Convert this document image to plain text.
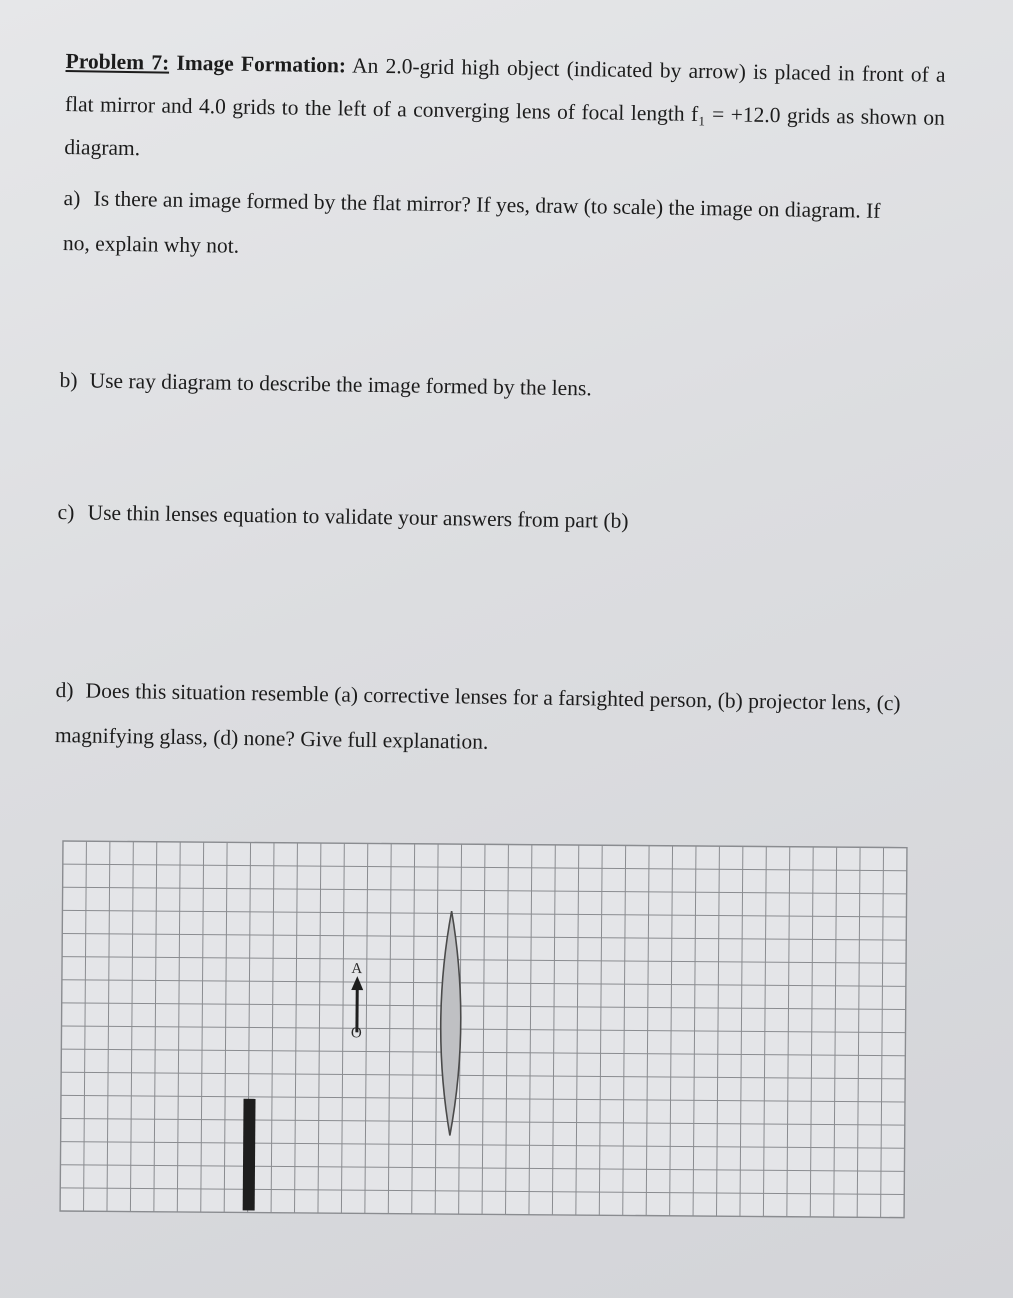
Problem 7: Image Formation: An 2.0-grid high object (indicated by arrow) is placed in front of a flat mirror and 4.0 grids to the left of a converging lens of focal length f₁ = +12.0 grids as shown on diagram.
a) Is there an image formed by the flat mirror? If yes, draw (to scale) the image on diagram. If no, explain why not.
b) Use ray diagram to describe the image formed by the lens.
c) Use thin lenses equation to validate your answers from part (b)
d) Does this situation resemble (a) corrective lenses for a farsighted person, (b) projector lens, (c) magnifying glass, (d) none? Give full explanation.
A
O
